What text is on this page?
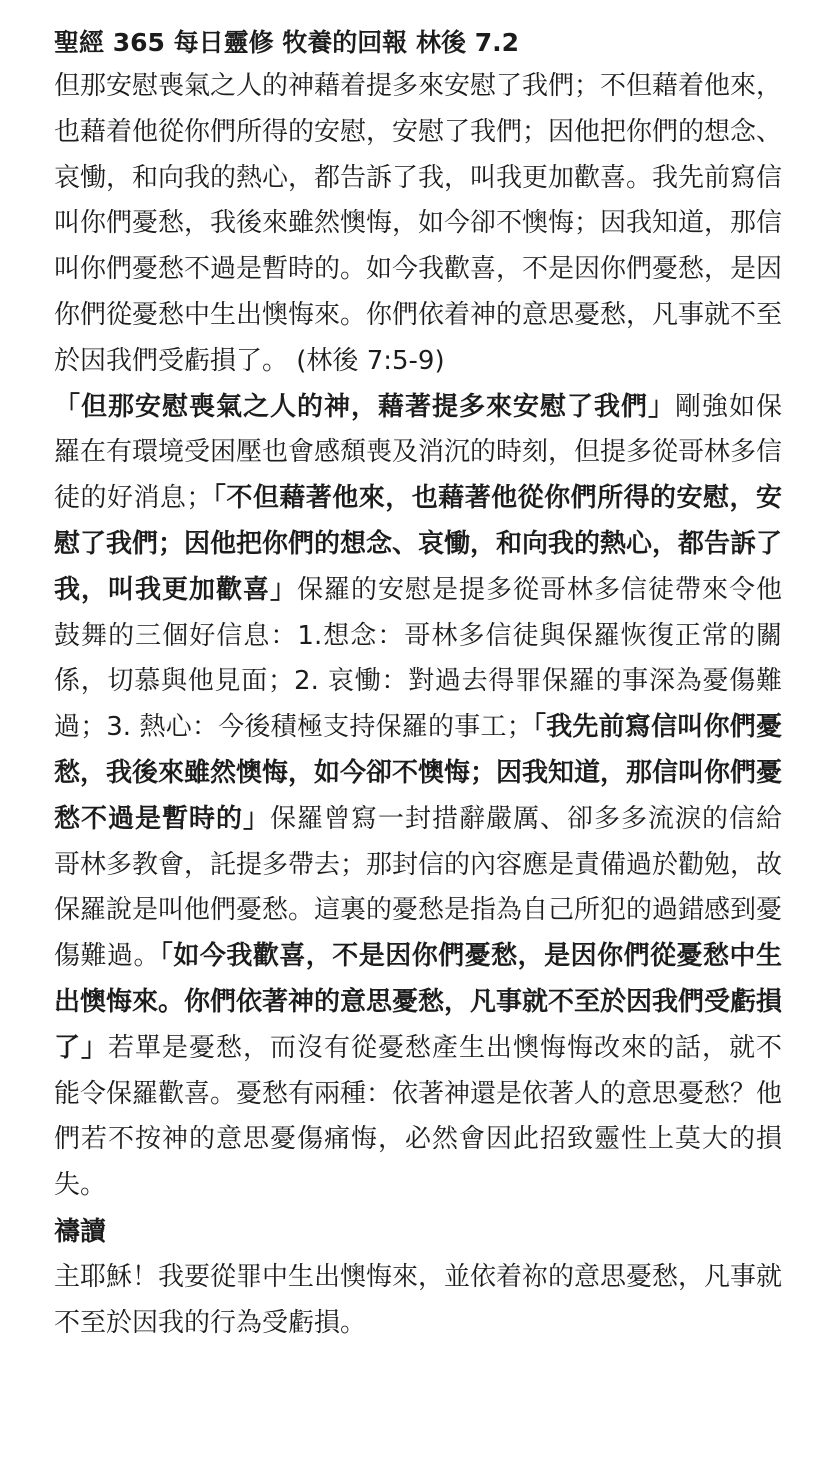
聖經 365 每日靈修 牧養的回報 林後 7.2

但那安慰喪氣之人的神藉着提多來安慰了我們；不但藉着他來，也藉着他從你們所得的安慰，安慰了我們；因他把你們的想念、哀慟，和向我的熱心，都告訴了我，叫我更加歡喜。我先前寫信叫你們憂愁，我後來雖然懊悔，如今卻不懊悔；因我知道，那信叫你們憂愁不過是暫時的。如今我歡喜，不是因你們憂愁，是因你們從憂愁中生出懊悔來。你們依着神的意思憂愁，凡事就不至於因我們受虧損了。 (林後 7:5-9)

「但那安慰喪氣之人的神，藉著提多來安慰了我們」剛強如保羅在有環境受困壓也會感頹喪及消沉的時刻，但提多從哥林多信徒的好消息；「不但藉著他來，也藉著他從你們所得的安慰，安慰了我們；因他把你們的想念、哀慟，和向我的熱心，都告訴了我，叫我更加歡喜」保羅的安慰是提多從哥林多信徒帶來令他鼓舞的三個好信息：1.想念：哥林多信徒與保羅恢復正常的關係，切慕與他見面；2. 哀慟：對過去得罪保羅的事深為憂傷難過；3. 熱心：今後積極支持保羅的事工；「我先前寫信叫你們憂愁，我後來雖然懊悔，如今卻不懊悔；因我知道，那信叫你們憂愁不過是暫時的」保羅曾寫一封措辭嚴厲、卻多多流淚的信給哥林多教會，託提多帶去；那封信的內容應是責備過於勸勉，故保羅說是叫他們憂愁。這裏的憂愁是指為自己所犯的過錯感到憂傷難過。「如今我歡喜，不是因你們憂愁，是因你們從憂愁中生出懊悔來。你們依著神的意思憂愁，凡事就不至於因我們受虧損了」若單是憂愁，而沒有從憂愁產生出懊悔悔改來的話，就不能令保羅歡喜。憂愁有兩種：依著神還是依著人的意思憂愁？他們若不按神的意思憂傷痛悔，必然會因此招致靈性上莫大的損失。

禱讀

主耶穌！我要從罪中生出懊悔來，並依着祢的意思憂愁，凡事就不至於因我的行為受虧損。
